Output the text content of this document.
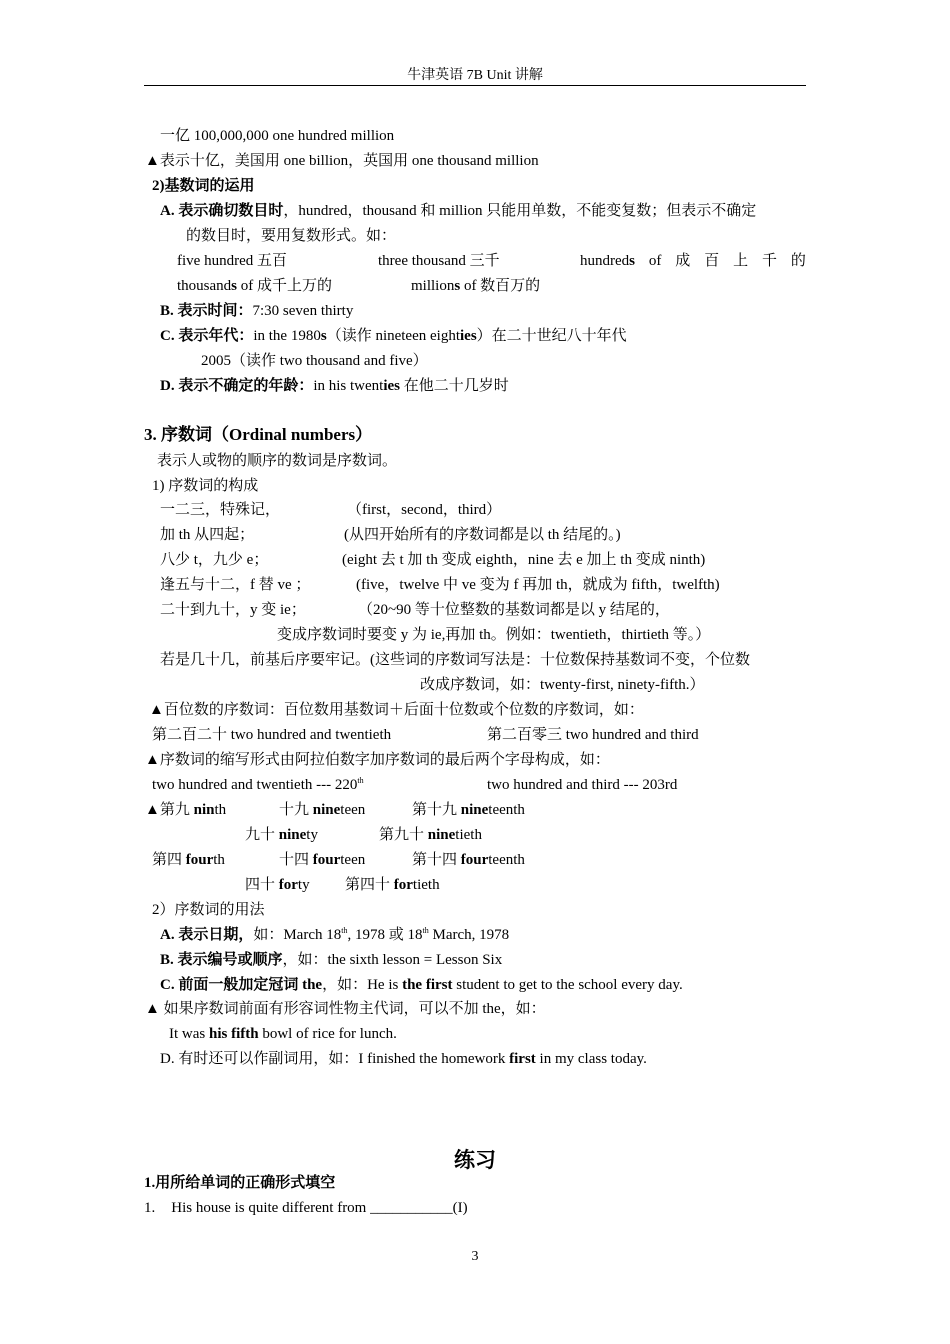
牛津英语 7B Unit 讲解
一亿 100,000,000 one hundred million
▲表示十亿，美国用 one billion，英国用 one thousand million
2)基数词的运用
A. 表示确切数目时，hundred，thousand 和 million 只能用单数，不能变复数；但表示不确定
的数目时，要用复数形式。如：
five hundred 五百	three thousand 三千	hundreds of 成 百 上 千 的
thousands of 成千上万的	millions of 数百万的
B. 表示时间：7:30 seven thirty
C. 表示年代：in the 1980s（读作 nineteen eighties）在二十世纪八十年代
2005（读作 two thousand and five）
D. 表示不确定的年龄：in his twenties 在他二十几岁时
3. 序数词（Ordinal numbers）
表示人或物的顺序的数词是序数词。
1) 序数词的构成
一二三，特殊记，	（first，second，third）
加 th 从四起；	(从四开始所有的序数词都是以 th 结尾的。)
八少 t，九少 e；	(eight 去 t 加 th 变成 eighth，nine 去 e 加上 th 变成 ninth)
逢五与十二，f 替 ve ；	(five，twelve 中 ve 变为 f 再加 th，就成为 fifth，twelfth)
二十到九十，y 变 ie；	（20~90 等十位整数的基数词都是以 y 结尾的，
变成序数词时要变 y 为 ie,再加 th。例如：twentieth，thirtieth 等。）
若是几十几，前基后序要牢记。(这些词的序数词写法是：十位数保持基数词不变，个位数
改成序数词，如：twenty-first, ninety-fifth.）
▲百位数的序数词：百位数用基数词＋后面十位数或个位数的序数词，如：
第二百二十 two hundred and twentieth	第二百零三 two hundred and third
▲序数词的缩写形式由阿拉伯数字加序数词的最后两个字母构成，如：
two hundred and twentieth --- 220th	two hundred and third --- 203rd
▲第九 ninth	十九 nineteen	第十九 nineteenth
九十 ninety	第九十 ninetieth
第四 fourth	十四 fourteen	第十四 fourteenth
四十 forty 第四十 fortieth
2）序数词的用法
A. 表示日期，如：March 18th, 1978 或 18th March, 1978
B. 表示编号或顺序，如：the sixth lesson = Lesson Six
C. 前面一般加定冠词 the，如：He is the first student to get to the school every day.
▲ 如果序数词前面有形容词性物主代词，可以不加 the，如：
It was his fifth bowl of rice for lunch.
D. 有时还可以作副词用，如：I finished the homework first in my class today.
练习
1.用所给单词的正确形式填空
1. His house is quite different from ___________(I)
3
